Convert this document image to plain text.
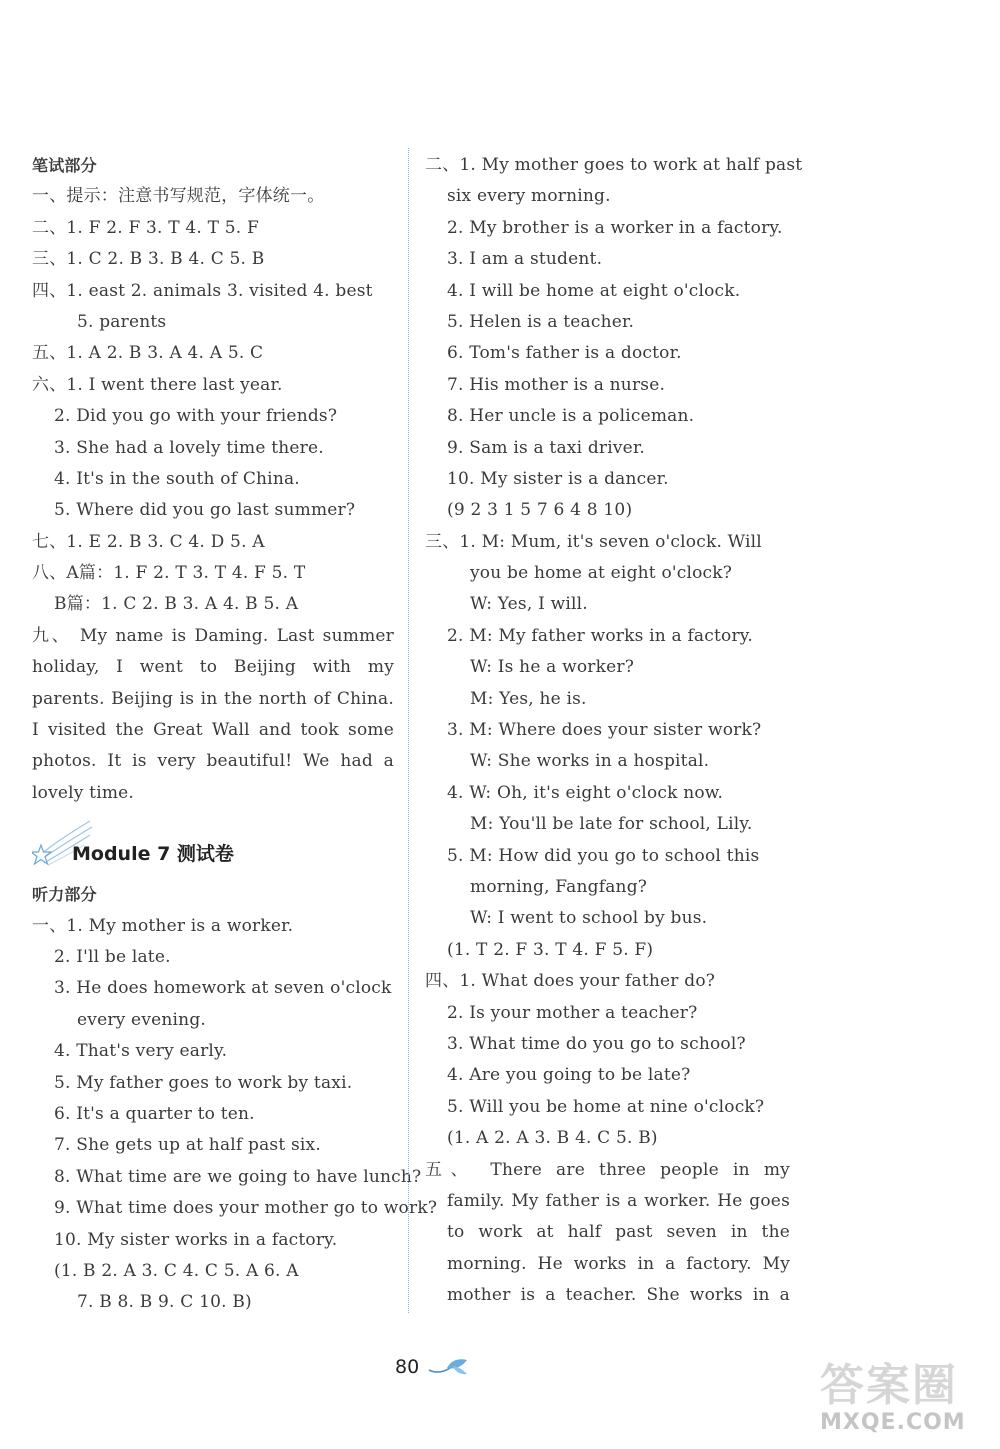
笔试部分
一、提示：注意书写规范，字体统一。
二、1. F 2. F 3. T 4. T 5. F
三、1. C 2. B 3. B 4. C 5. B
四、1. east 2. animals 3. visited 4. best
5. parents
五、1. A 2. B 3. A 4. A 5. C
六、1. I went there last year.
2. Did you go with your friends?
3. She had a lovely time there.
4. It's in the south of China.
5. Where did you go last summer?
七、1. E 2. B 3. C 4. D 5. A
八、A篇：1. F 2. T 3. T 4. F 5. T
B篇：1. C 2. B 3. A 4. B 5. A
九、 My name is Daming. Last summer
holiday, I went to Beijing with my
parents. Beijing is in the north of China.
I visited the Great Wall and took some
photos. It is very beautiful! We had a
lovely time.
Module 7 测试卷
听力部分
一、1. My mother is a worker.
2. I'll be late.
3. He does homework at seven o'clock
every evening.
4. That's very early.
5. My father goes to work by taxi.
6. It's a quarter to ten.
7. She gets up at half past six.
8. What time are we going to have lunch?
9. What time does your mother go to work?
10. My sister works in a factory.
(1. B 2. A 3. C 4. C 5. A 6. A
7. B 8. B 9. C 10. B)
二、1. My mother goes to work at half past
six every morning.
2. My brother is a worker in a factory.
3. I am a student.
4. I will be home at eight o'clock.
5. Helen is a teacher.
6. Tom's father is a doctor.
7. His mother is a nurse.
8. Her uncle is a policeman.
9. Sam is a taxi driver.
10. My sister is a dancer.
(9 2 3 1 5 7 6 4 8 10)
三、1. M: Mum, it's seven o'clock. Will
you be home at eight o'clock?
W: Yes, I will.
2. M: My father works in a factory.
W: Is he a worker?
M: Yes, he is.
3. M: Where does your sister work?
W: She works in a hospital.
4. W: Oh, it's eight o'clock now.
M: You'll be late for school, Lily.
5. M: How did you go to school this
morning, Fangfang?
W: I went to school by bus.
(1. T 2. F 3. T 4. F 5. F)
四、1. What does your father do?
2. Is your mother a teacher?
3. What time do you go to school?
4. Are you going to be late?
5. Will you be home at nine o'clock?
(1. A 2. A 3. B 4. C 5. B)
五、 There are three people in my
family. My father is a worker. He goes
to work at half past seven in the
morning. He works in a factory. My
mother is a teacher. She works in a
80	答案圈
MXQE.COM
